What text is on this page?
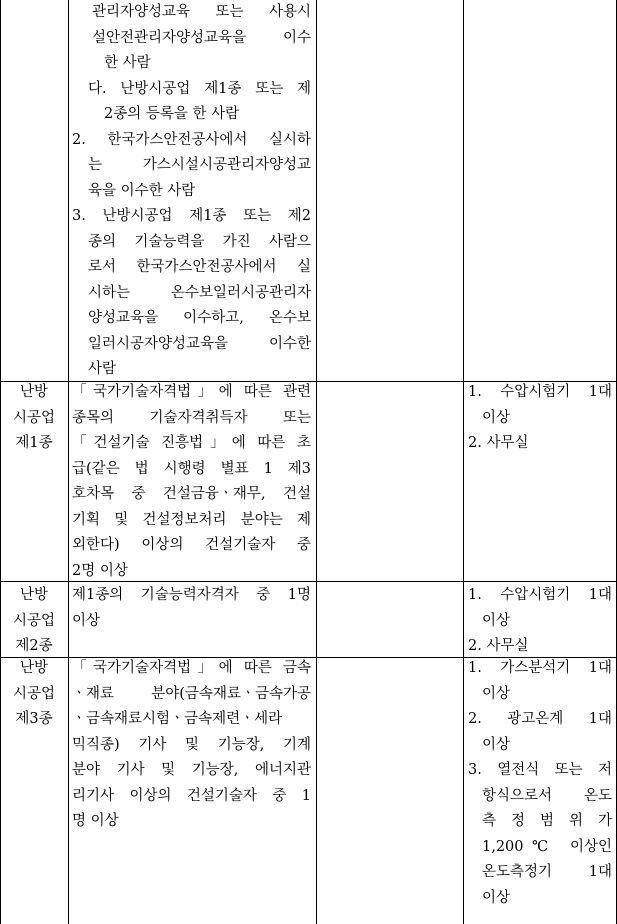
관리자양성교육 또는 사용시
설안전관리자양성교육을 이수
한 사람
다. 난방시공업 제1종 또는 제
2종의 등록을 한 사람
2. 한국가스안전공사에서 실시하
는 가스시설시공관리자양성교
육을 이수한 사람
3. 난방시공업 제1종 또는 제2
종의 기술능력을 가진 사람으
로서 한국가스안전공사에서 실
시하는 온수보일러시공관리자
양성교육을 이수하고, 온수보
일러시공자양성교육을 이수한
사람
난방
시공업
제1종
「국가기술자격법」에 따른 관련
종목의 기술자격취득자 또는
「건설기술 진흥법」에 따른 초
급(같은 법 시행령 별표 1 제3
호차목 중 건설금융ㆍ재무, 건설
기획 및 건설정보처리 분야는 제
외한다) 이상의 건설기술자 중
2명 이상
1. 수압시험기 1대
이상
2. 사무실
난방
시공업
제2종
제1종의 기술능력자격자 중 1명
이상
1. 수압시험기 1대
이상
2. 사무실
난방
시공업
제3종
「국가기술자격법」에 따른 금속
ㆍ재료 분야(금속재료ㆍ금속가공
ㆍ금속재료시험ㆍ금속제련ㆍ세라
믹직종) 기사 및 기능장, 기계
분야 기사 및 기능장, 에너지관
리기사 이상의 건설기술자 중 1
명 이상
1. 가스분석기 1대
이상
2. 광고온계 1대
이상
3. 열전식 또는 저
항식으로서 온도
측 정 범 위 가
1,200℃ 이상인
온도측정기 1대
이상
